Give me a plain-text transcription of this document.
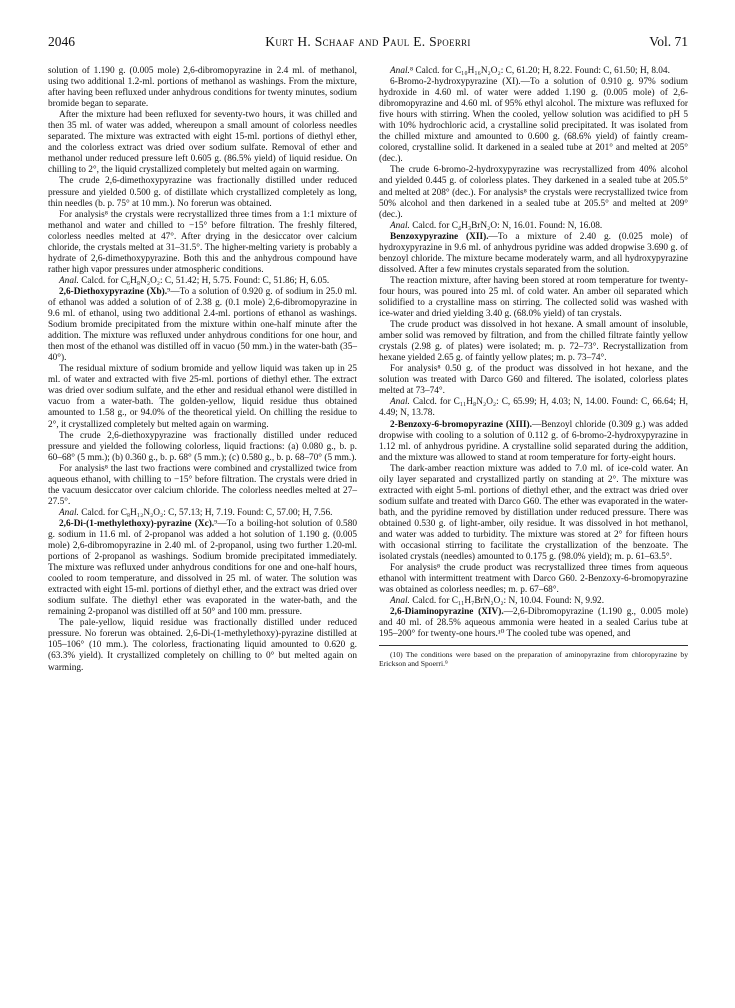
2046	Kurt H. Schaaf and Paul E. Spoerri	Vol. 71

solution of 1.190 g. (0.005 mole) 2,6-dibromopyrazine in 2.4 ml. of methanol, using two additional 1.2-ml. portions of methanol as washings. From the mixture, after having been refluxed under anhydrous conditions for twenty minutes, sodium bromide began to separate.

After the mixture had been refluxed for seventy-two hours, it was chilled and then 35 ml. of water was added, whereupon a small amount of colorless needles separated. The mixture was extracted with eight 15-ml. portions of diethyl ether, and the colorless extract was dried over sodium sulfate. Removal of ether and methanol under reduced pressure left 0.605 g. (86.5% yield) of liquid residue. On chilling to 2°, the liquid crystallized completely but melted again on warming.

The crude 2,6-dimethoxypyrazine was fractionally distilled under reduced pressure and yielded 0.500 g. of distillate which crystallized completely as long, thin needles (b. p. 75° at 10 mm.). No forerun was obtained.

For analysis⁸ the crystals were recrystallized three times from a 1:1 mixture of methanol and water and chilled to −15° before filtration. The freshly filtered, colorless needles melted at 47°. After drying in the desiccator over calcium chloride, the crystals melted at 31–31.5°. The higher-melting variety is probably a hydrate of 2,6-dimethoxypyrazine. Both this and the anhydrous compound have rather high vapor pressures under atmospheric conditions.

Anal. Calcd. for C₆H₈N₂O₂: C, 51.42; H, 5.75. Found: C, 51.86; H, 6.05.

2,6-Diethoxypyrazine (Xb).⁹—To a solution of 0.920 g. of sodium in 25.0 ml. of ethanol was added a solution of of 2.38 g. (0.1 mole) 2,6-dibromopyrazine in 9.6 ml. of ethanol, using two additional 2.4-ml. portions of ethanol as washings. Sodium bromide precipitated from the mixture within one-half minute after the addition. The mixture was refluxed under anhydrous conditions for one hour, and then most of the ethanol was distilled off in vacuo (50 mm.) in the water-bath (35–40°).

The residual mixture of sodium bromide and yellow liquid was taken up in 25 ml. of water and extracted with five 25-ml. portions of diethyl ether. The extract was dried over sodium sulfate, and the ether and residual ethanol were distilled in vacuo from a water-bath. The golden-yellow, liquid residue thus obtained amounted to 1.58 g., or 94.0% of the theoretical yield. On chilling the residue to 2°, it crystallized completely but melted again on warming.

The crude 2,6-diethoxypyrazine was fractionally distilled under reduced pressure and yielded the following colorless, liquid fractions: (a) 0.080 g., b. p. 60–68° (5 mm.); (b) 0.360 g., b. p. 68° (5 mm.); (c) 0.580 g., b. p. 68–70° (5 mm.).

For analysis⁸ the last two fractions were combined and crystallized twice from aqueous ethanol, with chilling to −15° before filtration. The crystals were dried in the vacuum desiccator over calcium chloride. The colorless needles melted at 27–27.5°.

Anal. Calcd. for C₈H₁₂N₂O₂: C, 57.13; H, 7.19. Found: C, 57.00; H, 7.56.

2,6-Di-(1-methylethoxy)-pyrazine (Xc).⁹—To a boiling-hot solution of 0.580 g. sodium in 11.6 ml. of 2-propanol was added a hot solution of 1.190 g. (0.005 mole) 2,6-dibromopyrazine in 2.40 ml. of 2-propanol, using two further 1.20-ml. portions of 2-propanol as washings. Sodium bromide precipitated immediately. The mixture was refluxed under anhydrous conditions for one and one-half hours, cooled to room temperature, and dissolved in 25 ml. of water. The solution was extracted with eight 15-ml. portions of diethyl ether, and the extract was dried over sodium sulfate. The diethyl ether was evaporated in the water-bath, and the remaining 2-propanol was distilled off at 50° and 100 mm. pressure.

The pale-yellow, liquid residue was fractionally distilled under reduced pressure. No forerun was obtained. 2,6-Di-(1-methylethoxy)-pyrazine distilled at 105–106° (10 mm.). The colorless, fractionating liquid amounted to 0.620 g. (63.3% yield). It crystallized completely on chilling to 0° but melted again on warming.

Anal.⁸ Calcd. for C₁₀H₁₆N₂O₂: C, 61.20; H, 8.22. Found: C, 61.50; H, 8.04.

6-Bromo-2-hydroxypyrazine (XI).—To a solution of 0.910 g. 97% sodium hydroxide in 4.60 ml. of water were added 1.190 g. (0.005 mole) of 2,6-dibromopyrazine and 4.60 ml. of 95% ethyl alcohol. The mixture was refluxed for five hours with stirring. When the cooled, yellow solution was acidified to pH 5 with 10% hydrochloric acid, a crystalline solid precipitated. It was isolated from the chilled mixture and amounted to 0.600 g. (68.6% yield) of faintly cream-colored, crystalline solid. It darkened in a sealed tube at 201° and melted at 205° (dec.).

The crude 6-bromo-2-hydroxypyrazine was recrystallized from 40% alcohol and yielded 0.445 g. of colorless plates. They darkened in a sealed tube at 205.5° and melted at 208° (dec.). For analysis⁸ the crystals were recrystallized twice from 50% alcohol and then darkened in a sealed tube at 205.5° and melted at 209° (dec.).

Anal. Calcd. for C₄H₃BrN₂O: N, 16.01. Found: N, 16.08.

Benzoxypyrazine (XII).—To a mixture of 2.40 g. (0.025 mole) of hydroxypyrazine in 9.6 ml. of anhydrous pyridine was added dropwise 3.690 g. of benzoyl chloride. The mixture became moderately warm, and all hydroxypyrazine dissolved. After a few minutes crystals separated from the solution.

The reaction mixture, after having been stored at room temperature for twenty-four hours, was poured into 25 ml. of cold water. An amber oil separated which solidified to a crystalline mass on stirring. The collected solid was washed with ice-water and dried yielding 3.40 g. (68.0% yield) of tan crystals.

The crude product was dissolved in hot hexane. A small amount of insoluble, amber solid was removed by filtration, and from the chilled filtrate faintly yellow crystals (2.98 g. of plates) were isolated; m. p. 72–73°. Recrystallization from hexane yielded 2.65 g. of faintly yellow plates; m. p. 73–74°.

For analysis⁸ 0.50 g. of the product was dissolved in hot hexane, and the solution was treated with Darco G60 and filtered. The isolated, colorless plates melted at 73–74°.

Anal. Calcd. for C₁₁H₈N₂O₂: C, 65.99; H, 4.03; N, 14.00. Found: C, 66.64; H, 4.49; N, 13.78.

2-Benzoxy-6-bromopyrazine (XIII).—Benzoyl chloride (0.309 g.) was added dropwise with cooling to a solution of 0.112 g. of 6-bromo-2-hydroxypyrazine in 1.12 ml. of anhydrous pyridine. A crystalline solid separated during the addition, and the mixture was allowed to stand at room temperature for forty-eight hours.

The dark-amber reaction mixture was added to 7.0 ml. of ice-cold water. An oily layer separated and crystallized partly on standing at 2°. The mixture was extracted with eight 5-ml. portions of diethyl ether, and the extract was dried over sodium sulfate and treated with Darco G60. The ether was evaporated in the water-bath, and the pyridine removed by distillation under reduced pressure. There was obtained 0.530 g. of light-amber, oily residue. It was dissolved in hot methanol, and water was added to turbidity. The mixture was stored at 2° for fifteen hours with occasional stirring to facilitate the crystallization of the benzoate. The isolated crystals (needles) amounted to 0.175 g. (98.0% yield); m. p. 61–63.5°.

For analysis⁸ the crude product was recrystallized three times from aqueous ethanol with intermittent treatment with Darco G60. 2-Benzoxy-6-bromopyrazine was obtained as colorless needles; m. p. 67–68°.

Anal. Calcd. for C₁₁H₇BrN₂O₂: N, 10.04. Found: N, 9.92.

2,6-Diaminopyrazine (XIV).—2,6-Dibromopyrazine (1.190 g., 0.005 mole) and 40 ml. of 28.5% aqueous ammonia were heated in a sealed Carius tube at 195–200° for twenty-one hours.¹⁰ The cooled tube was opened, and

(10) The conditions were based on the preparation of aminopyrazine from chloropyrazine by Erickson and Spoerri.⁹
